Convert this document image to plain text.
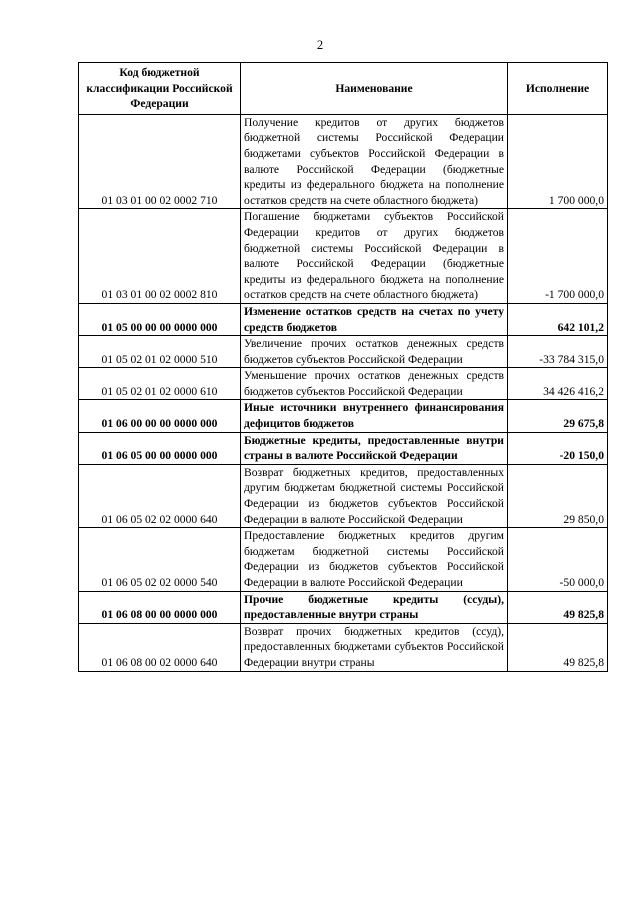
2
Код бюджетной классификации Российской Федерации	Наименование	Исполнение
01 03 01 00 02 0002 710	Получение кредитов от других бюджетов бюджетной системы Российской Федерации бюджетами субъектов Российской Федерации в валюте Российской Федерации (бюджетные кредиты из федерального бюджета на пополнение остатков средств на счете областного бюджета)	1 700 000,0
01 03 01 00 02 0002 810	Погашение бюджетами субъектов Российской Федерации кредитов от других бюджетов бюджетной системы Российской Федерации в валюте Российской Федерации (бюджетные кредиты из федерального бюджета на пополнение остатков средств на счете областного бюджета)	-1 700 000,0
01 05 00 00 00 0000 000	Изменение остатков средств на счетах по учету средств бюджетов	642 101,2
01 05 02 01 02 0000 510	Увеличение прочих остатков денежных средств бюджетов субъектов Российской Федерации	-33 784 315,0
01 05 02 01 02 0000 610	Уменьшение прочих остатков денежных средств бюджетов субъектов Российской Федерации	34 426 416,2
01 06 00 00 00 0000 000	Иные источники внутреннего финансирования дефицитов бюджетов	29 675,8
01 06 05 00 00 0000 000	Бюджетные кредиты, предоставленные внутри страны в валюте Российской Федерации	-20 150,0
01 06 05 02 02 0000 640	Возврат бюджетных кредитов, предоставленных другим бюджетам бюджетной системы Российской Федерации из бюджетов субъектов Российской Федерации в валюте Российской Федерации	29 850,0
01 06 05 02 02 0000 540	Предоставление бюджетных кредитов другим бюджетам бюджетной системы Российской Федерации из бюджетов субъектов Российской Федерации в валюте Российской Федерации	-50 000,0
01 06 08 00 00 0000 000	Прочие бюджетные кредиты (ссуды), предоставленные внутри страны	49 825,8
01 06 08 00 02 0000 640	Возврат прочих бюджетных кредитов (ссуд), предоставленных бюджетами субъектов Российской Федерации внутри страны	49 825,8
